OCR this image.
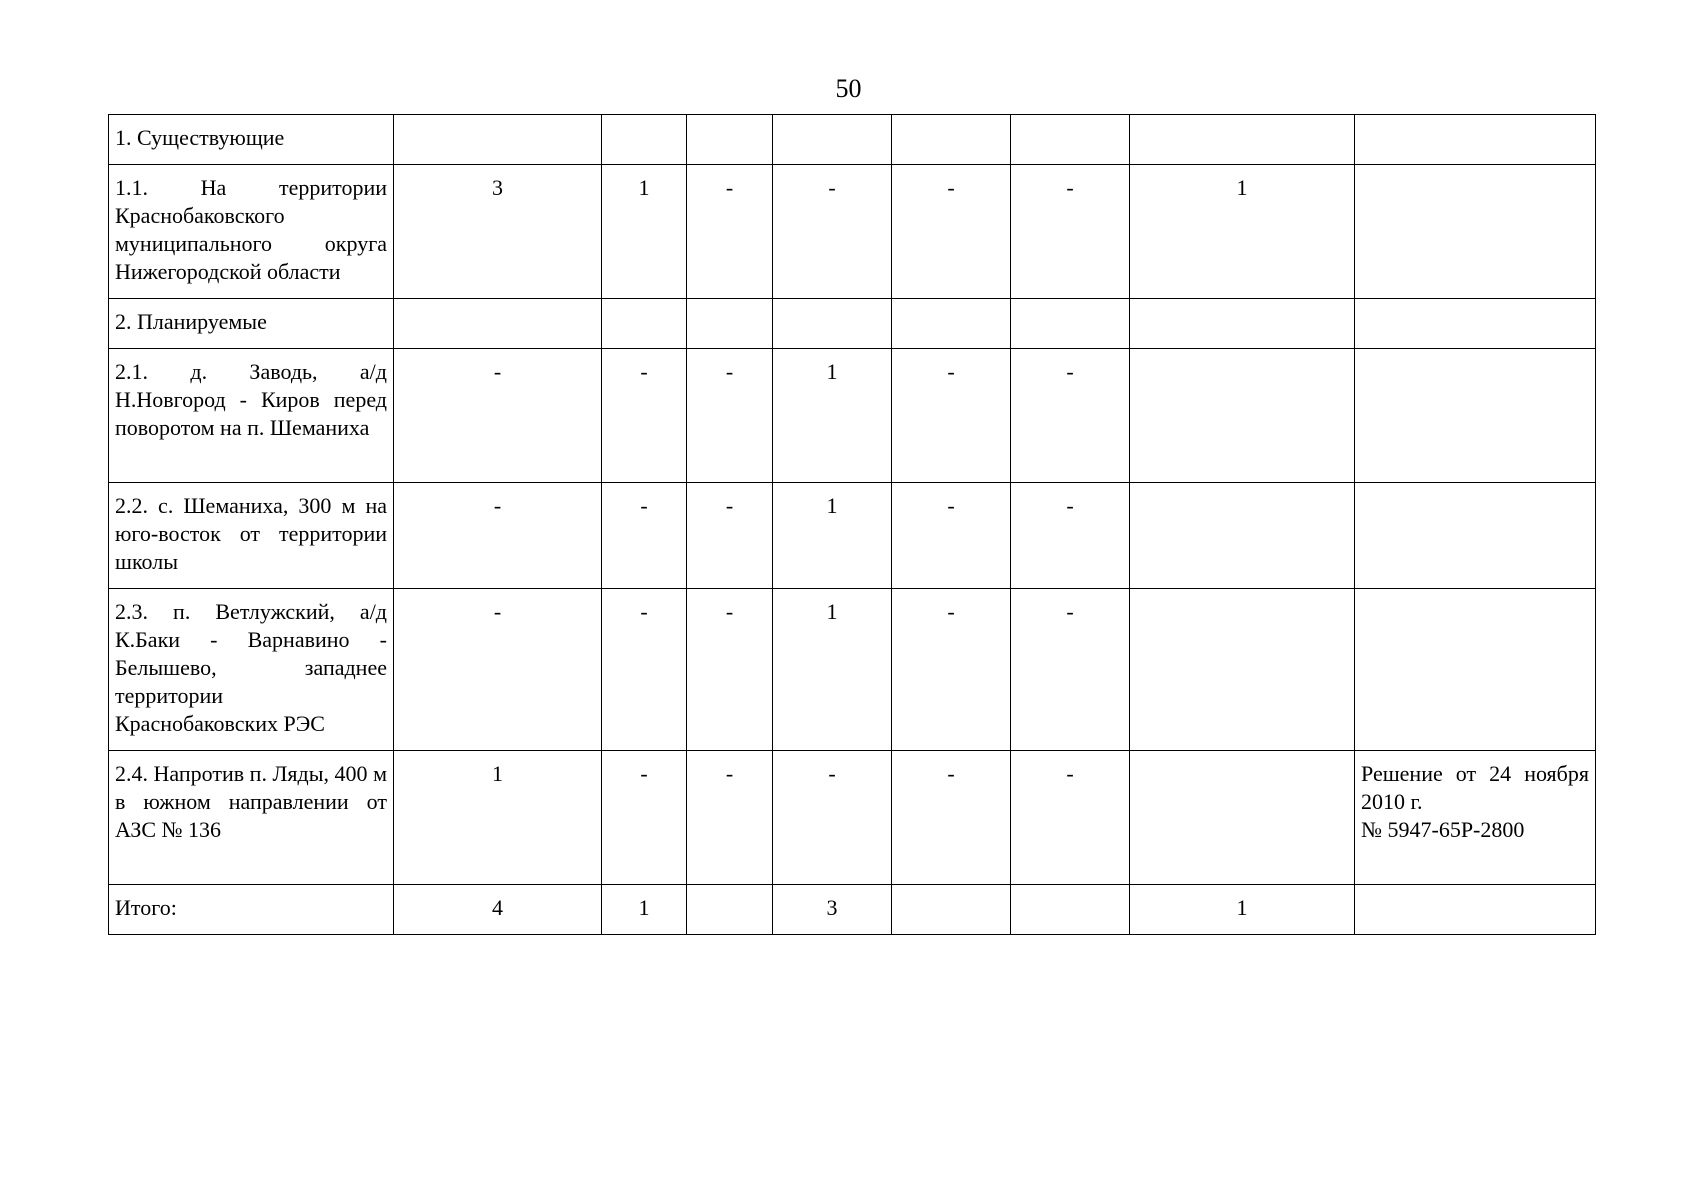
50
1. Существующие								
1.1. На территории Краснобаковского муниципального округа Нижегородской области	3	1	-	-	-	-	1	
2. Планируемые								
2.1. д. Заводь, а/д Н.Новгород - Киров перед поворотом на п. Шеманиха	-	-	-	1	-	-		
2.2. с. Шеманиха, 300 м на юго-восток от территории школы	-	-	-	1	-	-		
2.3. п. Ветлужский, а/д К.Баки - Варнавино - Белышево, западнее территории Краснобаковских РЭС	-	-	-	1	-	-		
2.4. Напротив п. Ляды, 400 м в южном направлении от АЗС № 136	1	-	-	-	-	-		Решение от 24 ноября 2010 г.
№ 5947-65Р-2800

Итого:	4	1		3			1	
